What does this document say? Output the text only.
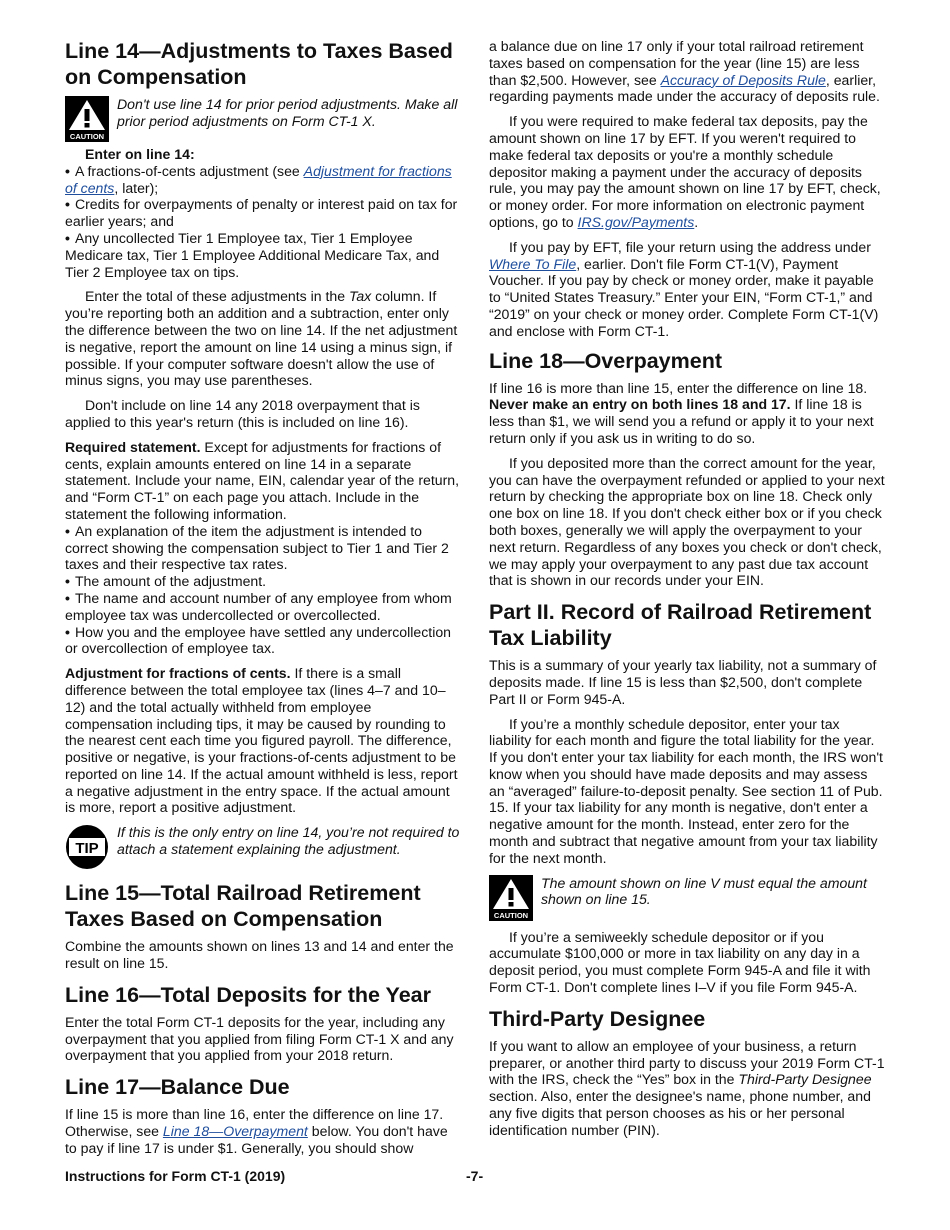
Line 14—Adjustments to Taxes Based on Compensation
CAUTION

Don't use line 14 for prior period adjustments. Make all prior period adjustments on Form CT-1 X.

Enter on line 14:
• A fractions-of-cents adjustment (see Adjustment for fractions of cents, later);
• Credits for overpayments of penalty or interest paid on tax for earlier years; and
• Any uncollected Tier 1 Employee tax, Tier 1 Employee Medicare tax, Tier 1 Employee Additional Medicare Tax, and Tier 2 Employee tax on tips.

Enter the total of these adjustments in the Tax column. If you’re reporting both an addition and a subtraction, enter only the difference between the two on line 14. If the net adjustment is negative, report the amount on line 14 using a minus sign, if possible. If your computer software doesn't allow the use of minus signs, you may use parentheses.

Don't include on line 14 any 2018 overpayment that is applied to this year's return (this is included on line 16).

Required statement. Except for adjustments for fractions of cents, explain amounts entered on line 14 in a separate statement. Include your name, EIN, calendar year of the return, and “Form CT-1” on each page you attach. Include in the statement the following information.

• An explanation of the item the adjustment is intended to correct showing the compensation subject to Tier 1 and Tier 2 taxes and their respective tax rates.
• The amount of the adjustment.
• The name and account number of any employee from whom employee tax was undercollected or overcollected.
• How you and the employee have settled any undercollection or overcollection of employee tax.

Adjustment for fractions of cents. If there is a small difference between the total employee tax (lines 4–7 and 10–12) and the total actually withheld from employee compensation including tips, it may be caused by rounding to the nearest cent each time you figured payroll. The difference, positive or negative, is your fractions-of-cents adjustment to be reported on line 14. If the actual amount withheld is less, report a negative adjustment in the entry space. If the actual amount is more, report a positive adjustment.

TIP

If this is the only entry on line 14, you’re not required to attach a statement explaining the adjustment.

Line 15—Total Railroad Retirement Taxes Based on Compensation

Combine the amounts shown on lines 13 and 14 and enter the result on line 15.

Line 16—Total Deposits for the Year

Enter the total Form CT-1 deposits for the year, including any overpayment that you applied from filing Form CT-1 X and any overpayment that you applied from your 2018 return.

Line 17—Balance Due

If line 15 is more than line 16, enter the difference on line 17. Otherwise, see Line 18—Overpayment below. You don't have to pay if line 17 is under $1. Generally, you should show

a balance due on line 17 only if your total railroad retirement taxes based on compensation for the year (line 15) are less than $2,500. However, see Accuracy of Deposits Rule, earlier, regarding payments made under the accuracy of deposits rule.

If you were required to make federal tax deposits, pay the amount shown on line 17 by EFT. If you weren't required to make federal tax deposits or you're a monthly schedule depositor making a payment under the accuracy of deposits rule, you may pay the amount shown on line 17 by EFT, check, or money order. For more information on electronic payment options, go to IRS.gov/Payments.

If you pay by EFT, file your return using the address under Where To File, earlier. Don't file Form CT-1(V), Payment Voucher. If you pay by check or money order, make it payable to “United States Treasury.” Enter your EIN, “Form CT-1,” and “2019” on your check or money order. Complete Form CT-1(V) and enclose with Form CT-1.

Line 18—Overpayment

If line 16 is more than line 15, enter the difference on line 18. Never make an entry on both lines 18 and 17. If line 18 is less than $1, we will send you a refund or apply it to your next return only if you ask us in writing to do so.

If you deposited more than the correct amount for the year, you can have the overpayment refunded or applied to your next return by checking the appropriate box on line 18. Check only one box on line 18. If you don't check either box or if you check both boxes, generally we will apply the overpayment to your next return. Regardless of any boxes you check or don't check, we may apply your overpayment to any past due tax account that is shown in our records under your EIN.

Part II. Record of Railroad Retirement Tax Liability

This is a summary of your yearly tax liability, not a summary of deposits made. If line 15 is less than $2,500, don't complete Part II or Form 945-A.

If you’re a monthly schedule depositor, enter your tax liability for each month and figure the total liability for the year. If you don't enter your tax liability for each month, the IRS won't know when you should have made deposits and may assess an “averaged” failure-to-deposit penalty. See section 11 of Pub. 15. If your tax liability for any month is negative, don't enter a negative amount for the month. Instead, enter zero for the month and subtract that negative amount from your tax liability for the next month.

CAUTION

The amount shown on line V must equal the amount shown on line 15.

If you’re a semiweekly schedule depositor or if you accumulate $100,000 or more in tax liability on any day in a deposit period, you must complete Form 945-A and file it with Form CT-1. Don't complete lines I–V if you file Form 945-A.

Third-Party Designee

If you want to allow an employee of your business, a return preparer, or another third party to discuss your 2019 Form CT-1 with the IRS, check the “Yes” box in the Third-Party Designee section. Also, enter the designee's name, phone number, and any five digits that person chooses as his or her personal identification number (PIN).

Instructions for Form CT-1 (2019)	-7-
